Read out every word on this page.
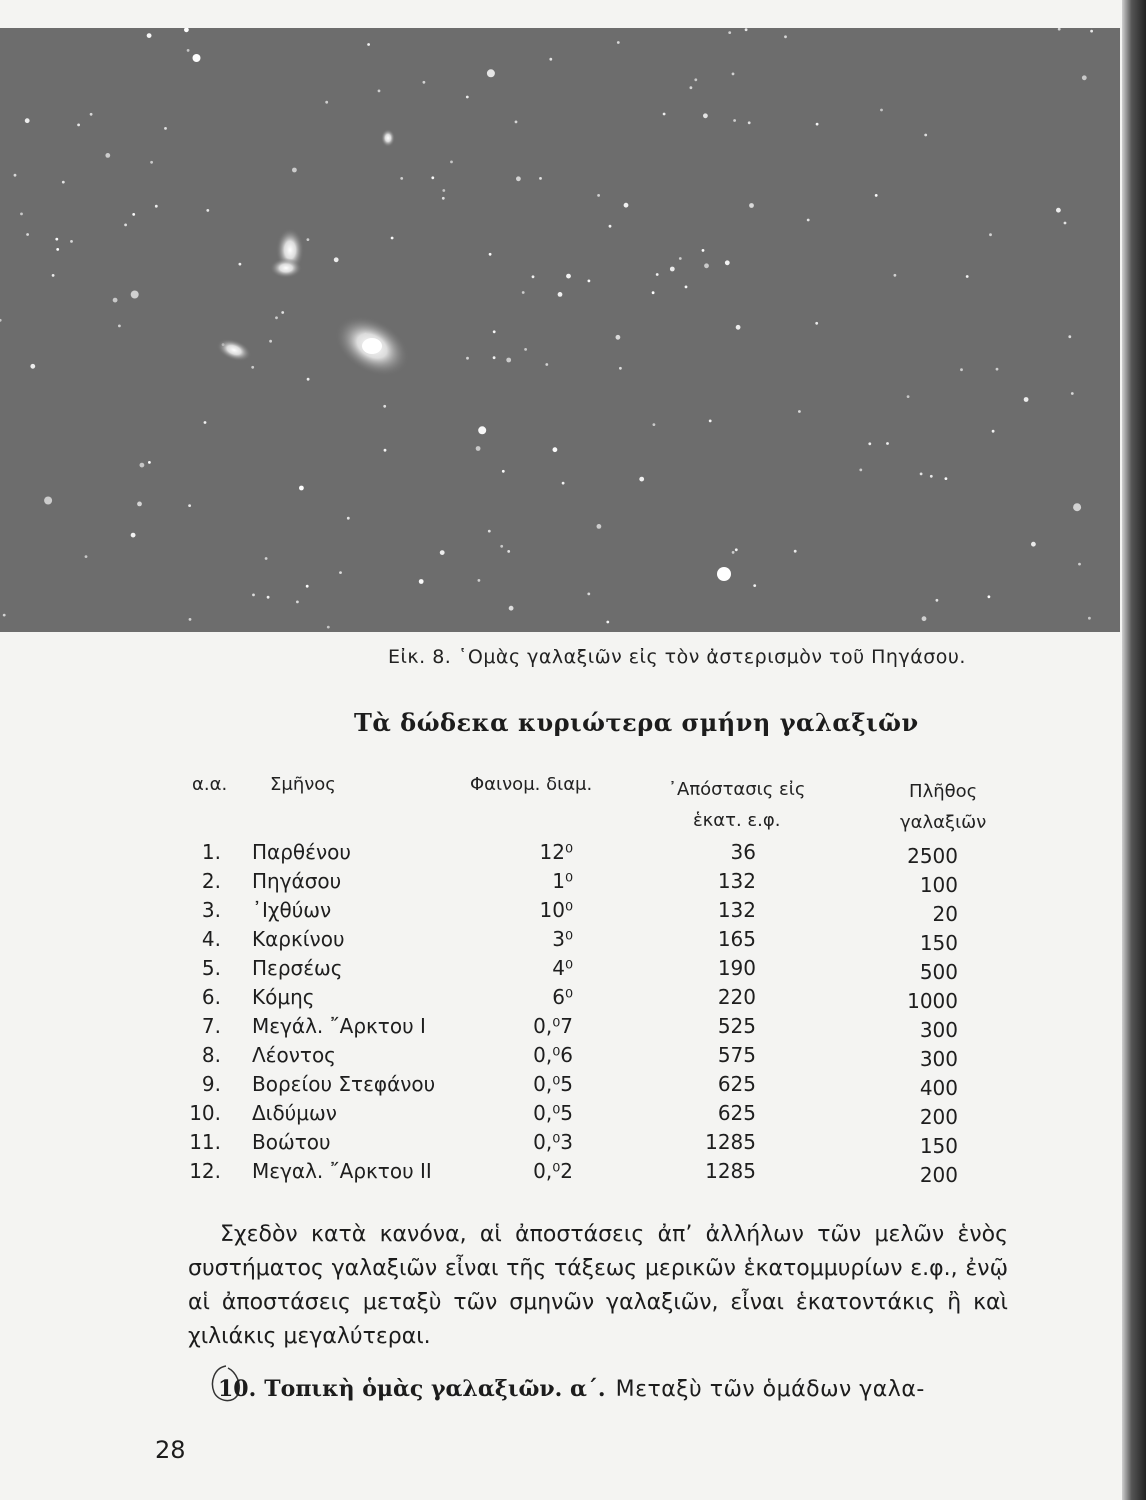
Εἰκ. 8. ῾Ομὰς γαλαξιῶν εἰς τὸν ἀστερισμὸν τοῦ Πηγάσου.
Τὰ δώδεκα κυριώτερα σμήνη γαλαξιῶν
α.α. Σμῆνος	Φαινομ. διαμ.	᾿Απόστασις εἰς
ἑκατ. ε.φ.
Πλῆθος
γαλαξιῶν
1. Παρθένου	12⁰	36	2500
2. Πηγάσου	1⁰	132	100
3. ᾿Ιχθύων	10⁰	132	20
4. Καρκίνου	3⁰	165	150
5. Περσέως	4⁰	190	500
6. Κόμης	6⁰	220	1000
7. Μεγάλ. ῎Αρκτου Ι	0,⁰7	525	300
8. Λέοντος	0,⁰6	575	300
9. Βορείου Στεφάνου	0,⁰5	625	400
10. Διδύμων	0,⁰5	625	200
11. Βοώτου	0,⁰3	1285	150
12. Μεγαλ. ῎Αρκτου ΙΙ	0,⁰2	1285	200

Σχεδὸν κατὰ κανόνα, αἱ ἀποστάσεις ἀπ’ ἀλλήλων τῶν μελῶν ἑνὸς συστήματος γαλαξιῶν εἶναι τῆς τάξεως μερικῶν ἑκατομμυρίων ε.φ., ἐνῷ αἱ ἀποστάσεις μεταξὺ τῶν σμηνῶν γαλαξιῶν, εἶναι ἑκατοντάκις ἢ καὶ χιλιάκις μεγαλύτεραι.

10. Τοπικὴ ὁμὰς γαλαξιῶν. α΄. Μεταξὺ τῶν ὁμάδων γαλα-
28
